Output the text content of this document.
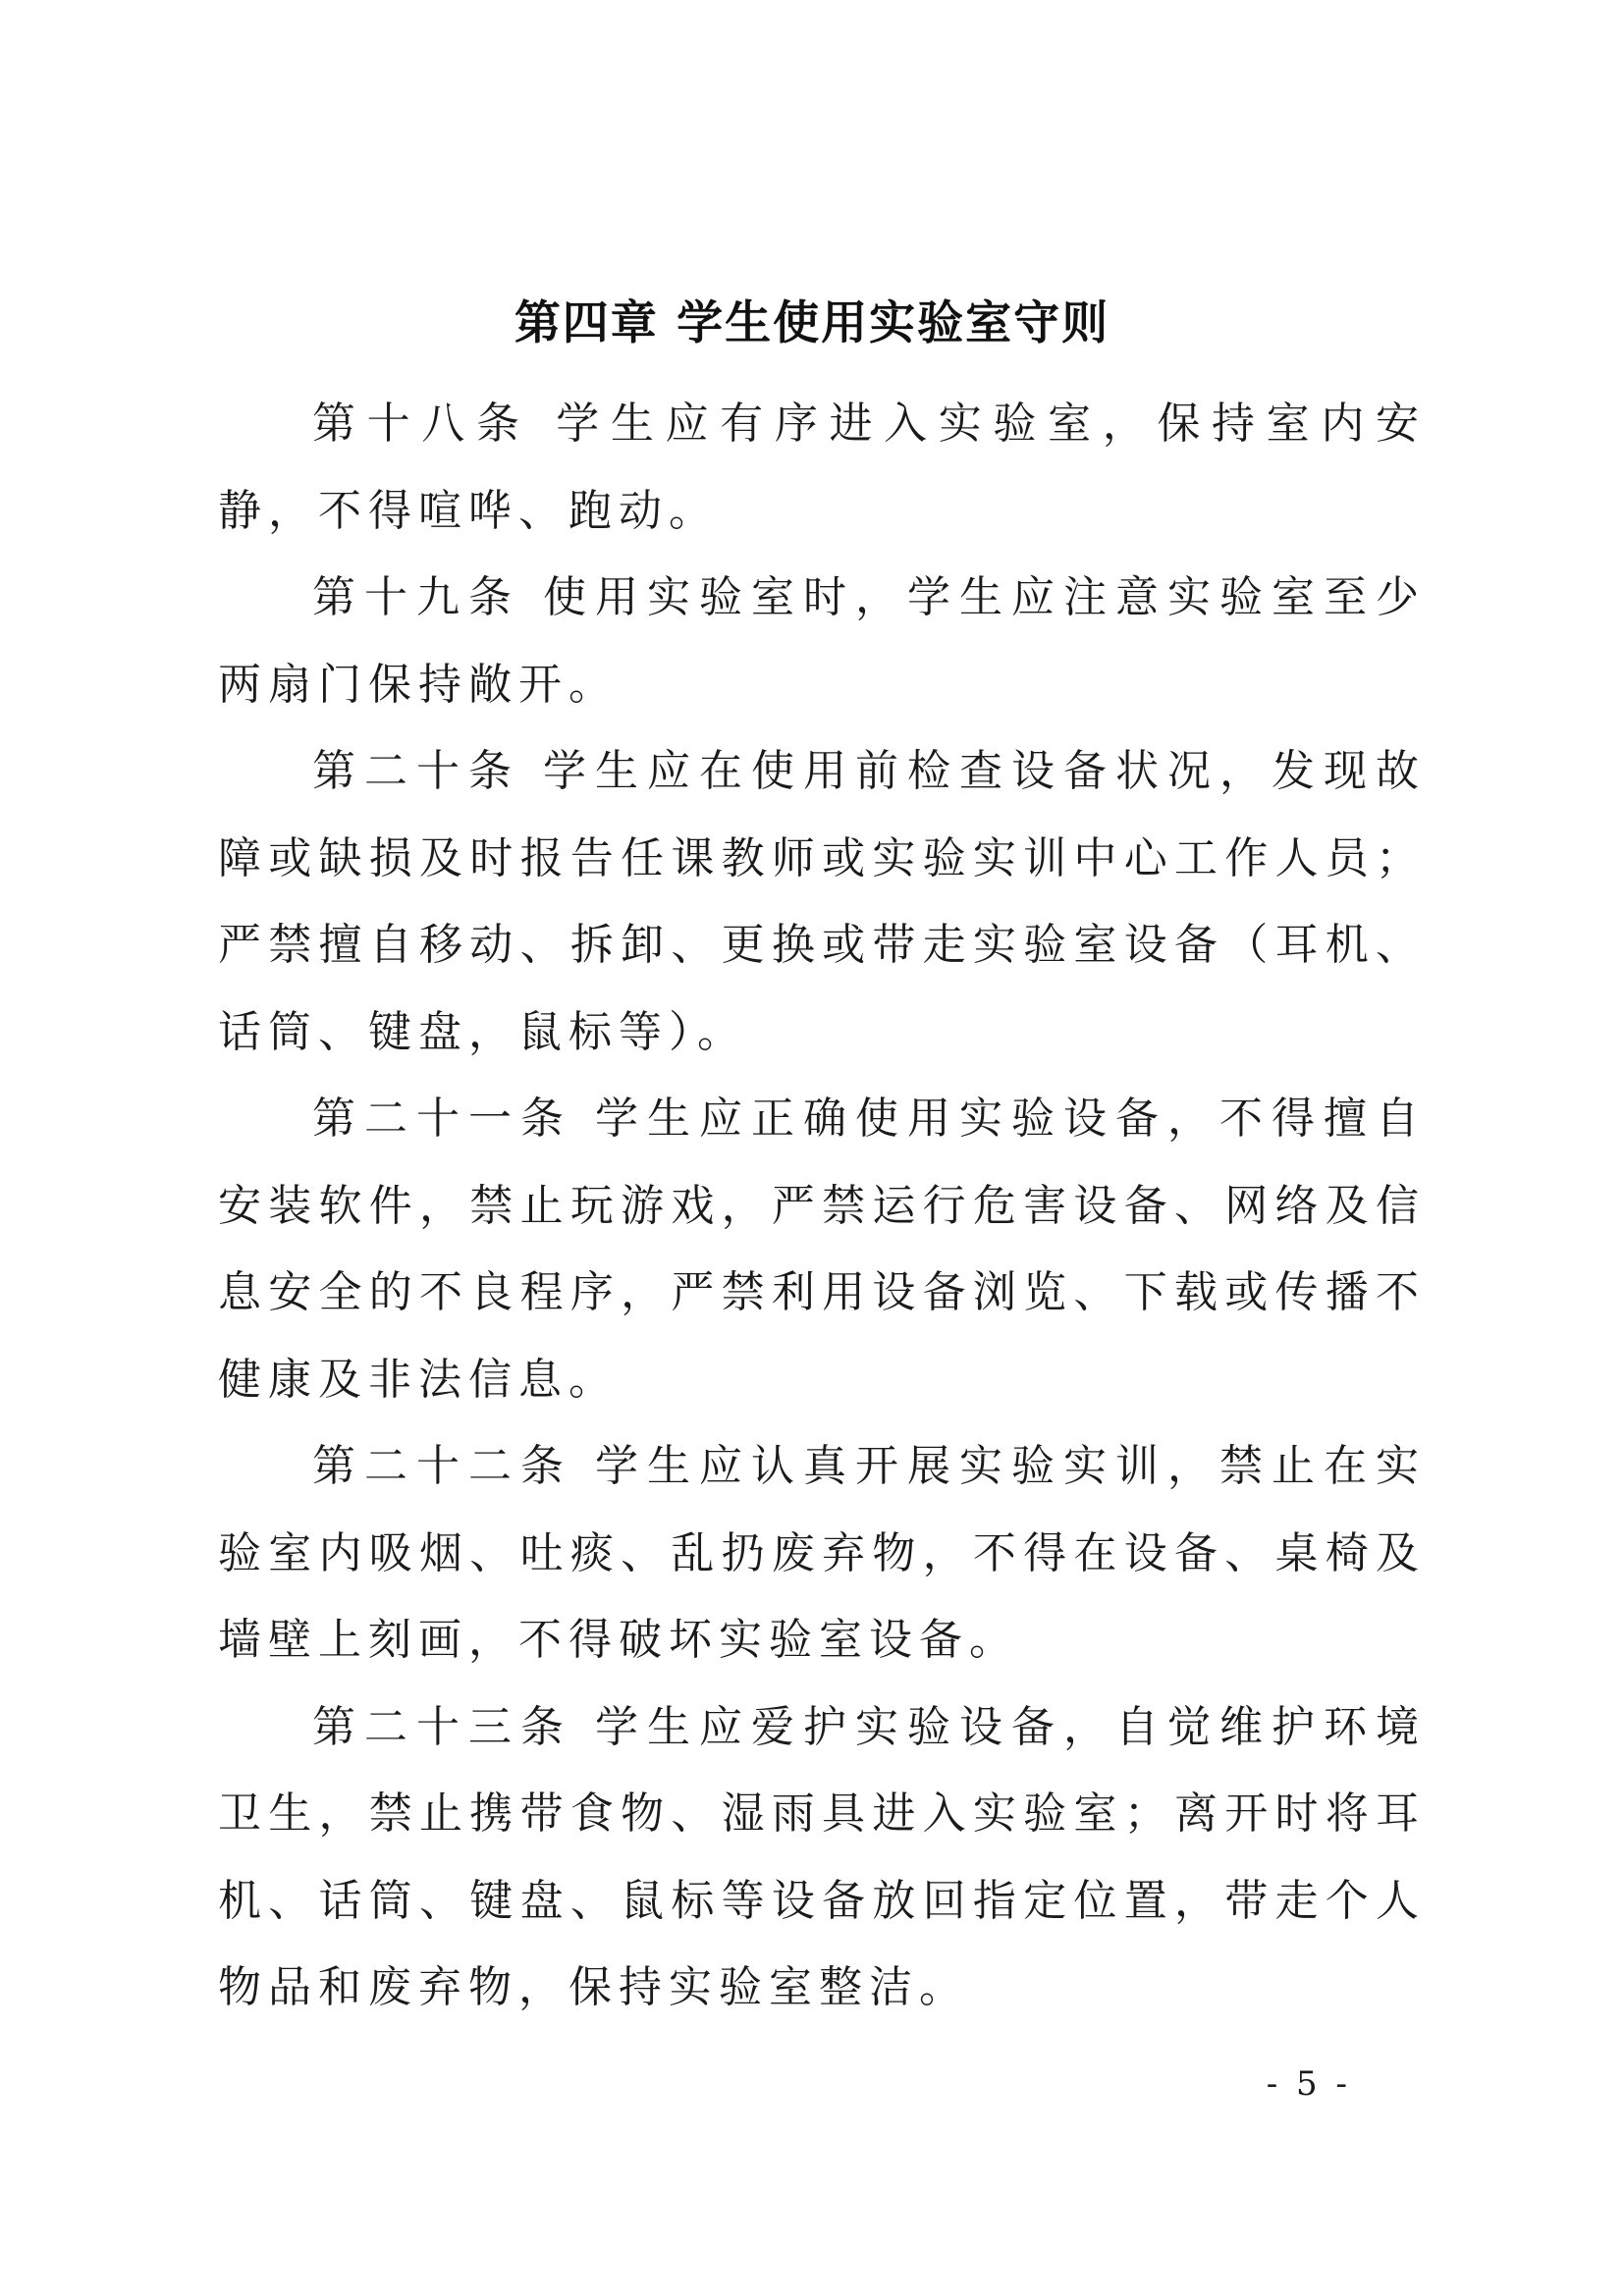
第四章 学生使用实验室守则

第十八条 学生应有序进入实验室，保持室内安静，不得喧哗、跑动。

第十九条 使用实验室时，学生应注意实验室至少两扇门保持敞开。

第二十条 学生应在使用前检查设备状况，发现故障或缺损及时报告任课教师或实验实训中心工作人员；严禁擅自移动、拆卸、更换或带走实验室设备（耳机、话筒、键盘，鼠标等）。

第二十一条 学生应正确使用实验设备，不得擅自安装软件，禁止玩游戏，严禁运行危害设备、网络及信息安全的不良程序，严禁利用设备浏览、下载或传播不健康及非法信息。

第二十二条 学生应认真开展实验实训，禁止在实验室内吸烟、吐痰、乱扔废弃物，不得在设备、桌椅及墙壁上刻画，不得破坏实验室设备。

第二十三条 学生应爱护实验设备，自觉维护环境卫生，禁止携带食物、湿雨具进入实验室；离开时将耳机、话筒、键盘、鼠标等设备放回指定位置，带走个人物品和废弃物，保持实验室整洁。

- 5 -
